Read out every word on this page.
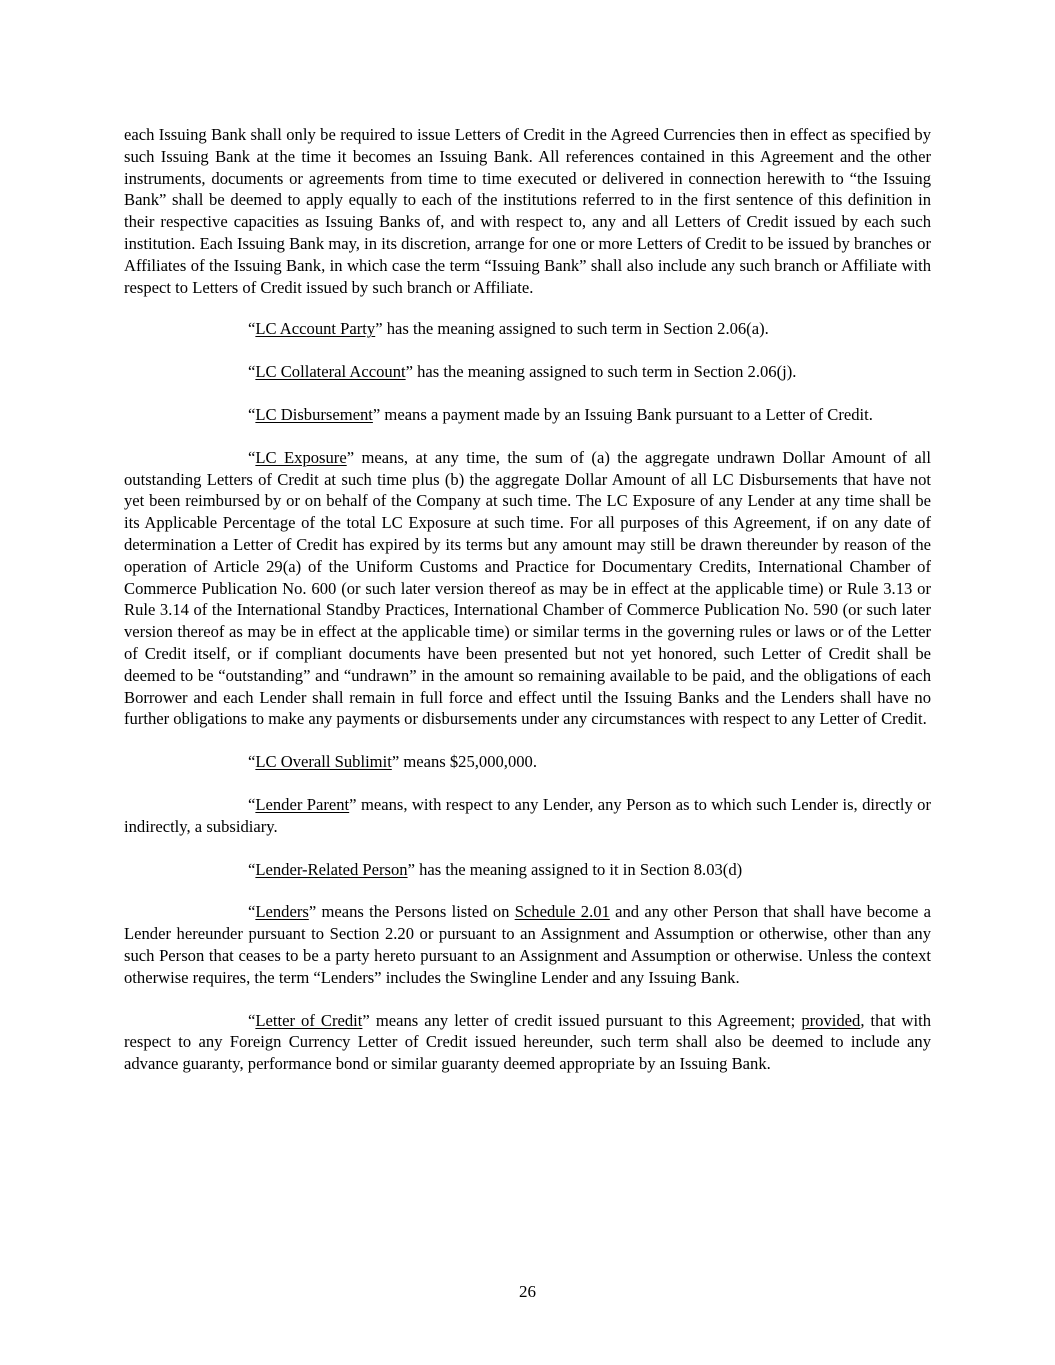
each Issuing Bank shall only be required to issue Letters of Credit in the Agreed Currencies then in effect as specified by such Issuing Bank at the time it becomes an Issuing Bank. All references contained in this Agreement and the other instruments, documents or agreements from time to time executed or delivered in connection herewith to “the Issuing Bank” shall be deemed to apply equally to each of the institutions referred to in the first sentence of this definition in their respective capacities as Issuing Banks of, and with respect to, any and all Letters of Credit issued by each such institution. Each Issuing Bank may, in its discretion, arrange for one or more Letters of Credit to be issued by branches or Affiliates of the Issuing Bank, in which case the term “Issuing Bank” shall also include any such branch or Affiliate with respect to Letters of Credit issued by such branch or Affiliate.

“LC Account Party” has the meaning assigned to such term in Section 2.06(a).

“LC Collateral Account” has the meaning assigned to such term in Section 2.06(j).

“LC Disbursement” means a payment made by an Issuing Bank pursuant to a Letter of Credit.

“LC Exposure” means, at any time, the sum of (a) the aggregate undrawn Dollar Amount of all outstanding Letters of Credit at such time plus (b) the aggregate Dollar Amount of all LC Disbursements that have not yet been reimbursed by or on behalf of the Company at such time. The LC Exposure of any Lender at any time shall be its Applicable Percentage of the total LC Exposure at such time. For all purposes of this Agreement, if on any date of determination a Letter of Credit has expired by its terms but any amount may still be drawn thereunder by reason of the operation of Article 29(a) of the Uniform Customs and Practice for Documentary Credits, International Chamber of Commerce Publication No. 600 (or such later version thereof as may be in effect at the applicable time) or Rule 3.13 or Rule 3.14 of the International Standby Practices, International Chamber of Commerce Publication No. 590 (or such later version thereof as may be in effect at the applicable time) or similar terms in the governing rules or laws or of the Letter of Credit itself, or if compliant documents have been presented but not yet honored, such Letter of Credit shall be deemed to be “outstanding” and “undrawn” in the amount so remaining available to be paid, and the obligations of each Borrower and each Lender shall remain in full force and effect until the Issuing Banks and the Lenders shall have no further obligations to make any payments or disbursements under any circumstances with respect to any Letter of Credit.

“LC Overall Sublimit” means $25,000,000.

“Lender Parent” means, with respect to any Lender, any Person as to which such Lender is, directly or indirectly, a subsidiary.

“Lender-Related Person” has the meaning assigned to it in Section 8.03(d)

“Lenders” means the Persons listed on Schedule 2.01 and any other Person that shall have become a Lender hereunder pursuant to Section 2.20 or pursuant to an Assignment and Assumption or otherwise, other than any such Person that ceases to be a party hereto pursuant to an Assignment and Assumption or otherwise. Unless the context otherwise requires, the term “Lenders” includes the Swingline Lender and any Issuing Bank.

“Letter of Credit” means any letter of credit issued pursuant to this Agreement; provided, that with respect to any Foreign Currency Letter of Credit issued hereunder, such term shall also be deemed to include any advance guaranty, performance bond or similar guaranty deemed appropriate by an Issuing Bank.

26
